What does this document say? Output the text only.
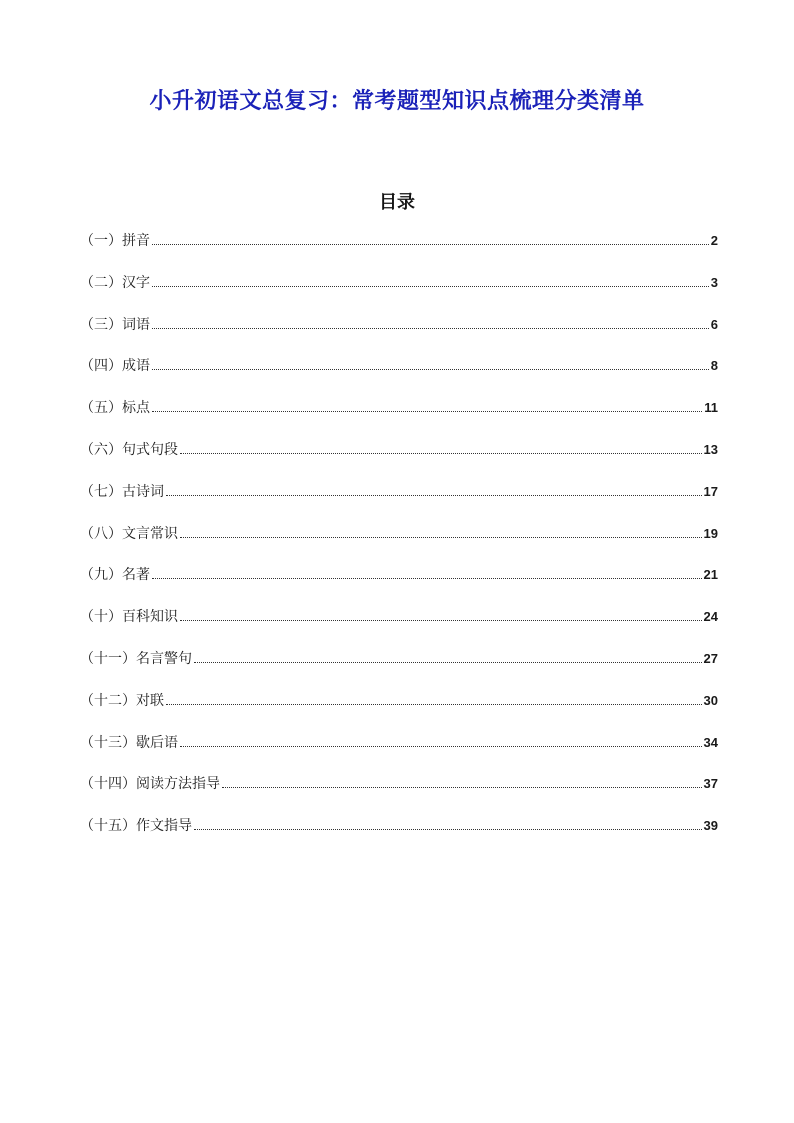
小升初语文总复习：常考题型知识点梳理分类清单
目录
（一）拼音	2
（二）汉字	3
（三）词语	6
（四）成语	8
（五）标点	11
（六）句式句段	13
（七）古诗词	17
（八）文言常识	19
（九）名著	21
（十）百科知识	24
（十一）名言警句	27
（十二）对联	30
（十三）歇后语	34
（十四）阅读方法指导	37
（十五）作文指导	39
